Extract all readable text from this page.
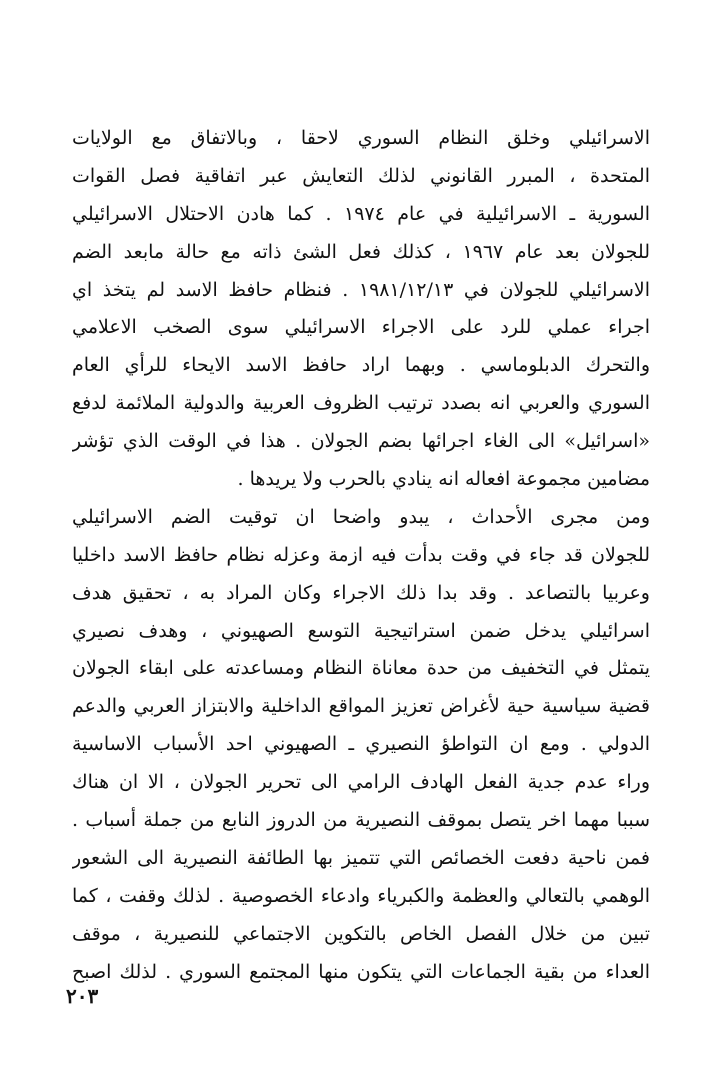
الاسرائيلي وخلق النظام السوري لاحقا ، وبالاتفاق مع الولايات
المتحدة ، المبرر القانوني لذلك التعايش عبر اتفاقية فصل القوات
السورية ـ الاسرائيلية في عام ١٩٧٤ . كما هادن الاحتلال الاسرائيلي
للجولان بعد عام ١٩٦٧ ، كذلك فعل الشئ ذاته مع حالة مابعد الضم
الاسرائيلي للجولان في ١٩٨١/١٢/١٣ . فنظام حافظ الاسد لم يتخذ اي
اجراء عملي للرد على الاجراء الاسرائيلي سوى الصخب الاعلامي
والتحرك الدبلوماسي . وبهما اراد حافظ الاسد الايحاء للرأي العام
السوري والعربي انه بصدد ترتيب الظروف العربية والدولية الملائمة لدفع
«اسرائيل» الى الغاء اجرائها بضم الجولان . هذا في الوقت الذي تؤشر
مضامين مجموعة افعاله انه ينادي بالحرب ولا يريدها .
ومن مجرى الأحداث ، يبدو واضحا ان توقيت الضم الاسرائيلي
للجولان قد جاء في وقت بدأت فيه ازمة وعزله نظام حافظ الاسد داخليا
وعربيا بالتصاعد . وقد بدا ذلك الاجراء وكان المراد به ، تحقيق هدف
اسرائيلي يدخل ضمن استراتيجية التوسع الصهيوني ، وهدف نصيري
يتمثل في التخفيف من حدة معاناة النظام ومساعدته على ابقاء الجولان
قضية سياسية حية لأغراض تعزيز المواقع الداخلية والابتزاز العربي والدعم
الدولي . ومع ان التواطؤ النصيري ـ الصهيوني احد الأسباب الاساسية
وراء عدم جدية الفعل الهادف الرامي الى تحرير الجولان ، الا ان هناك
سببا مهما اخر يتصل بموقف النصيرية من الدروز النابع من جملة أسباب .
فمن ناحية دفعت الخصائص التي تتميز بها الطائفة النصيرية الى الشعور
الوهمي بالتعالي والعظمة والكبرياء وادعاء الخصوصية . لذلك وقفت ، كما
تبين من خلال الفصل الخاص بالتكوين الاجتماعي للنصيرية ، موقف
العداء من بقية الجماعات التي يتكون منها المجتمع السوري . لذلك اصبح
٢٠٣
